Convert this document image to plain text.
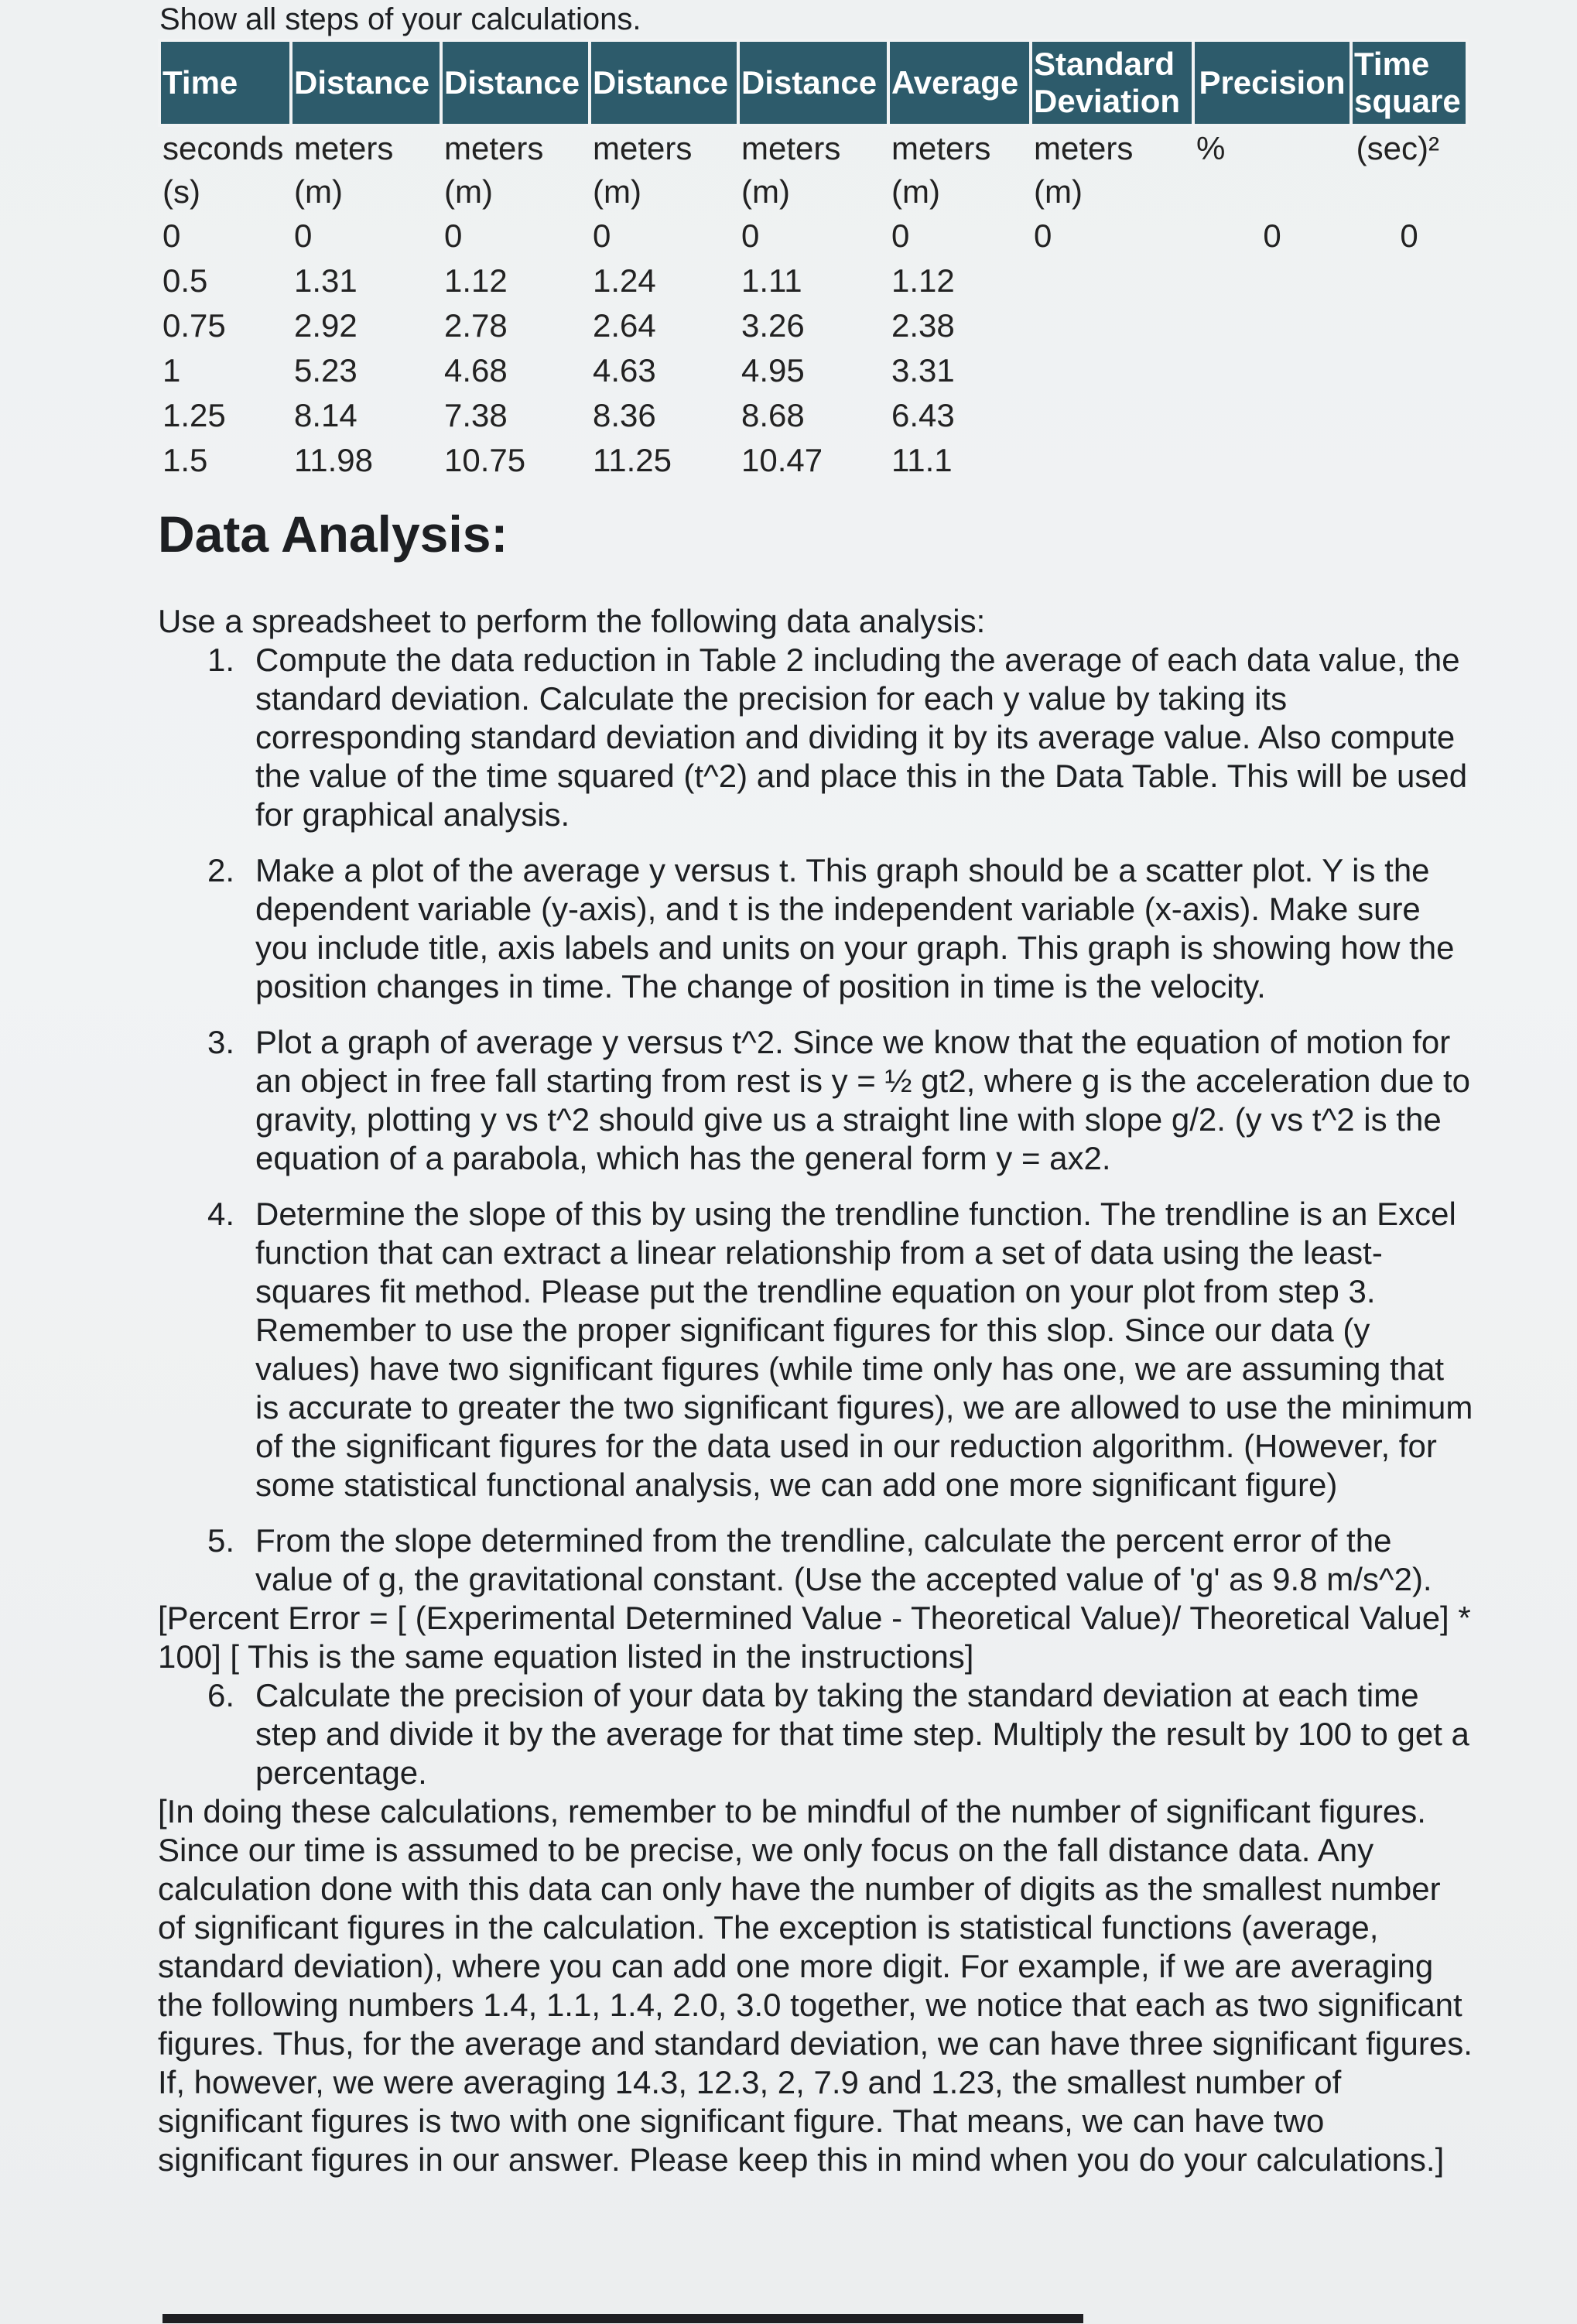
Show all steps of your calculations.
Time	Distance	Distance	Distance	Distance	Average	Standard Deviation	Precision	Time square
seconds	meters	meters	meters	meters	meters	meters	%	(sec)²
(s)	(m)	(m)	(m)	(m)	(m)	(m)		
0	0	0	0	0	0	0	0	0
0.5	1.31	1.12	1.24	1.11	1.12			
0.75	2.92	2.78	2.64	3.26	2.38			
1	5.23	4.68	4.63	4.95	3.31			
1.25	8.14	7.38	8.36	8.68	6.43			
1.5	11.98	10.75	11.25	10.47	11.1			
Data Analysis:

Use a spreadsheet to perform the following data analysis:

1. Compute the data reduction in Table 2 including the average of each data value, the standard deviation. Calculate the precision for each y value by taking its corresponding standard deviation and dividing it by its average value. Also compute the value of the time squared (t^2) and place this in the Data Table. This will be used for graphical analysis.
2. Make a plot of the average y versus t. This graph should be a scatter plot. Y is the dependent variable (y-axis), and t is the independent variable (x-axis). Make sure you include title, axis labels and units on your graph. This graph is showing how the position changes in time. The change of position in time is the velocity.
3. Plot a graph of average y versus t^2. Since we know that the equation of motion for an object in free fall starting from rest is y = ½ gt2, where g is the acceleration due to gravity, plotting y vs t^2 should give us a straight line with slope g/2. (y vs t^2 is the equation of a parabola, which has the general form y = ax2.
4. Determine the slope of this by using the trendline function. The trendline is an Excel function that can extract a linear relationship from a set of data using the least-squares fit method. Please put the trendline equation on your plot from step 3. Remember to use the proper significant figures for this slop. Since our data (y values) have two significant figures (while time only has one, we are assuming that is accurate to greater the two significant figures), we are allowed to use the minimum of the significant figures for the data used in our reduction algorithm. (However, for some statistical functional analysis, we can add one more significant figure)
5. From the slope determined from the trendline, calculate the percent error of the value of g, the gravitational constant. (Use the accepted value of 'g' as 9.8 m/s^2).

[Percent Error = [ (Experimental Determined Value - Theoretical Value)/ Theoretical Value] * 100] [ This is the same equation listed in the instructions]

6. Calculate the precision of your data by taking the standard deviation at each time step and divide it by the average for that time step. Multiply the result by 100 to get a percentage.

[In doing these calculations, remember to be mindful of the number of significant figures. Since our time is assumed to be precise, we only focus on the fall distance data. Any calculation done with this data can only have the number of digits as the smallest number of significant figures in the calculation. The exception is statistical functions (average, standard deviation), where you can add one more digit. For example, if we are averaging the following numbers 1.4, 1.1, 1.4, 2.0, 3.0 together, we notice that each as two significant figures. Thus, for the average and standard deviation, we can have three significant figures. If, however, we were averaging 14.3, 12.3, 2, 7.9 and 1.23, the smallest number of significant figures is two with one significant figure. That means, we can have two significant figures in our answer. Please keep this in mind when you do your calculations.]
